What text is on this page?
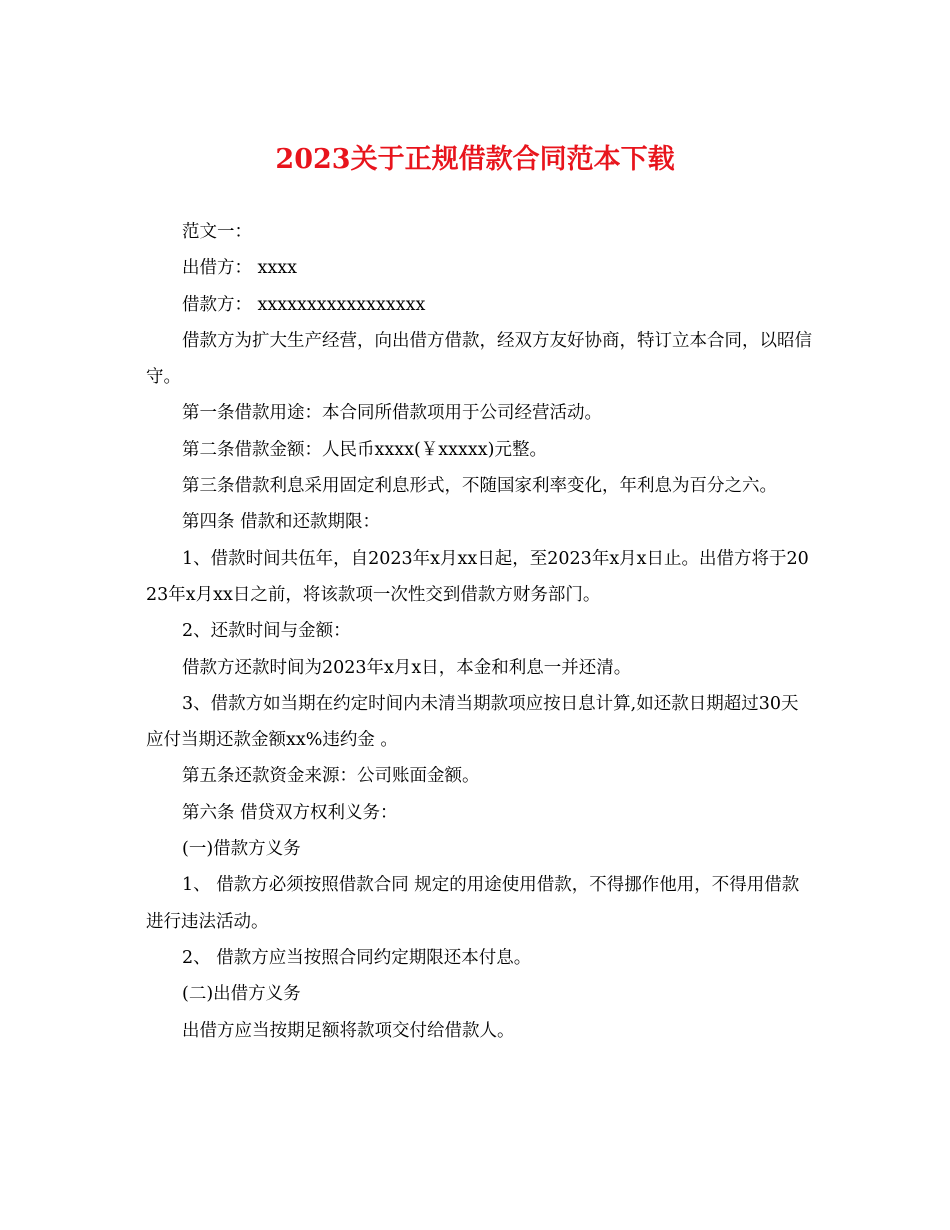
2023关于正规借款合同范本下载

范文一：

出借方： xxxx

借款方： xxxxxxxxxxxxxxxxx

借款方为扩大生产经营，向出借方借款，经双方友好协商，特订立本合同，以昭信守。

第一条借款用途：本合同所借款项用于公司经营活动。

第二条借款金额：人民币xxxx(￥xxxxx)元整。

第三条借款利息采用固定利息形式，不随国家利率变化，年利息为百分之六。

第四条 借款和还款期限：

1、借款时间共伍年，自2023年x月xx日起，至2023年x月x日止。出借方将于2023年x月xx日之前，将该款项一次性交到借款方财务部门。

2、还款时间与金额：

借款方还款时间为2023年x月x日，本金和利息一并还清。

3、借款方如当期在约定时间内未清当期款项应按日息计算,如还款日期超过30天应付当期还款金额xx%违约金 。

第五条还款资金来源：公司账面金额。

第六条 借贷双方权利义务：

(一)借款方义务

1、 借款方必须按照借款合同 规定的用途使用借款，不得挪作他用，不得用借款进行违法活动。

2、 借款方应当按照合同约定期限还本付息。

(二)出借方义务

出借方应当按期足额将款项交付给借款人。
